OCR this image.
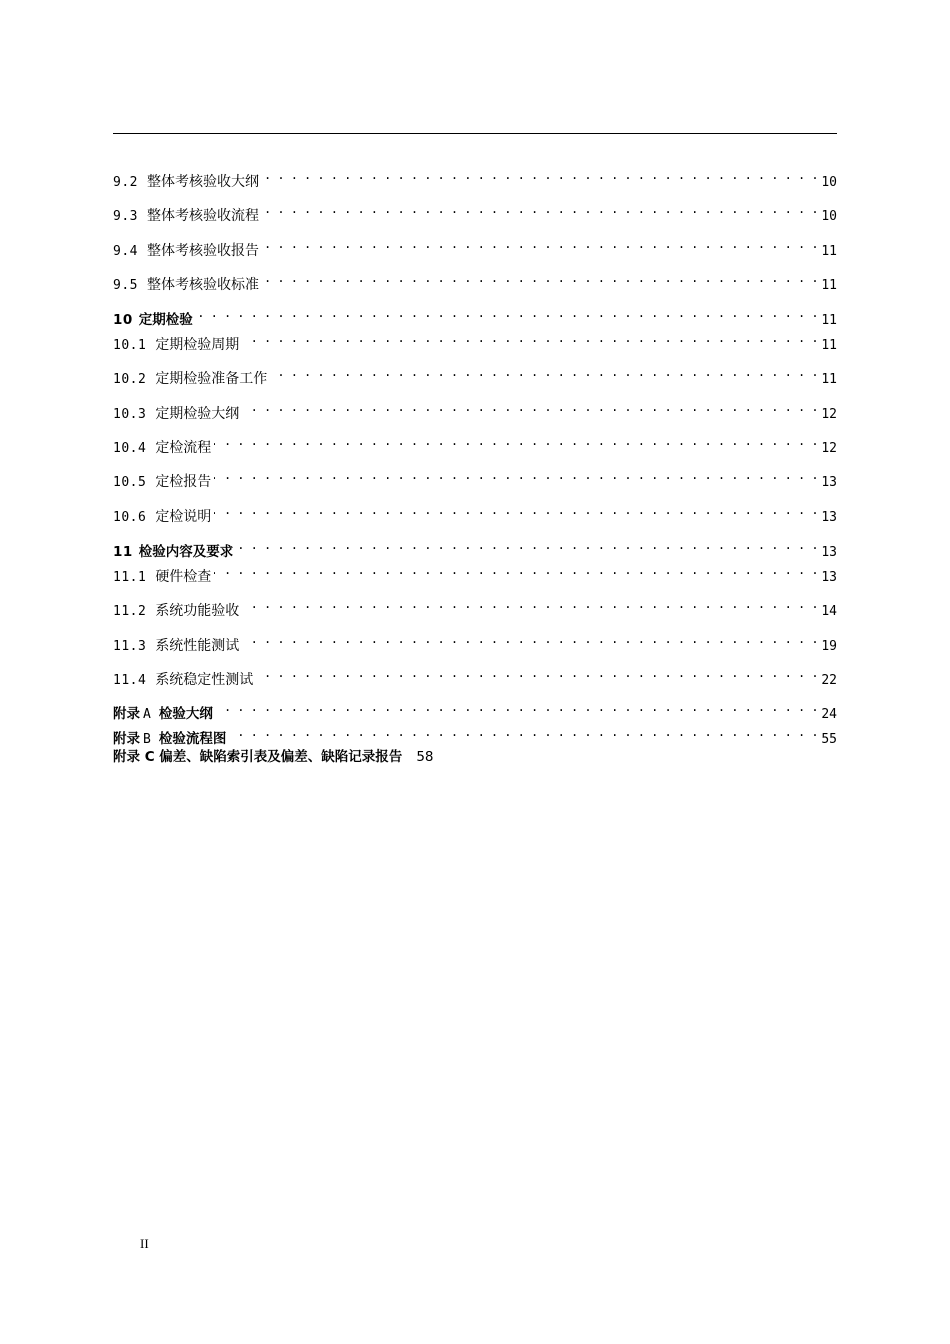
9.2 整体考核验收大纲 . . .	10
9.3 整体考核验收流程 . . .	10
9.4 整体考核验收报告 . . .	11
9.5 整体考核验收标准 . . .	11
10 定期检验 . . .	11
10.1 定期检验周期 . . .	11
10.2 定期检验准备工作 . . .	11
10.3 定期检验大纲 . . .	12
10.4 定检流程 . . .	12
10.5 定检报告 . . .	13
10.6 定检说明 . . .	13
11 检验内容及要求 . . .	13
11.1 硬件检查 . . .	13
11.2 系统功能验收 . . .	14
11.3 系统性能测试 . . .	19
11.4 系统稳定性测试 . . .	22
附录 A 检验大纲 . . .	24
附录 B 检验流程图 . . .	55
附录 C 偏差、缺陷索引表及偏差、缺陷记录报告 58
II
